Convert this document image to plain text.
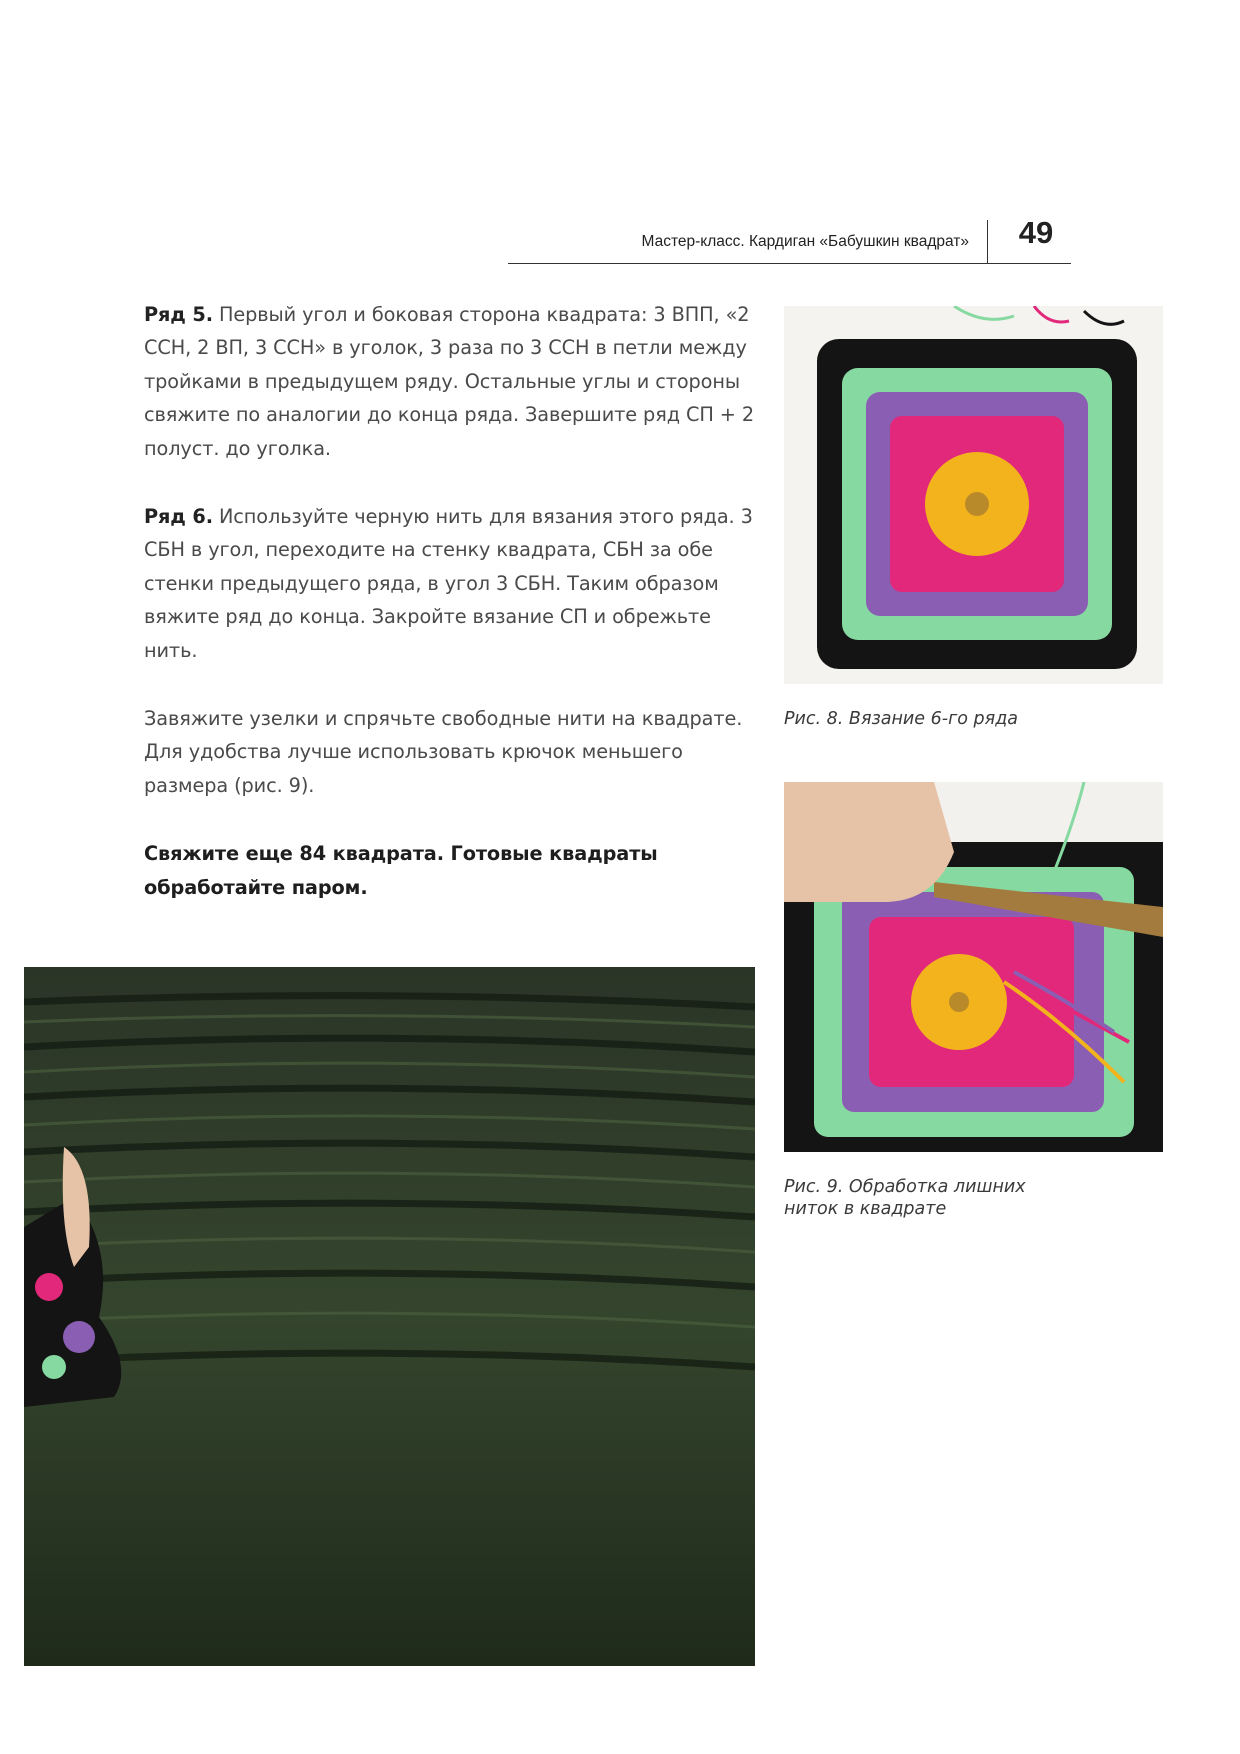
Мастер-класс. Кардиган «Бабушкин квадрат»	49

Ряд 5. Первый угол и боковая сторона квадрата: 3 ВПП, «2 ССН, 2 ВП, 3 ССН» в уголок, 3 раза по 3 ССН в петли между тройками в предыдущем ряду. Остальные углы и стороны свяжите по аналогии до конца ряда. Завершите ряд СП + 2 полуст. до уголка.

Ряд 6. Используйте черную нить для вязания этого ряда. 3 СБН в угол, переходите на стенку квадрата, СБН за обе стенки предыдущего ряда, в угол 3 СБН. Таким образом вяжите ряд до конца. Закройте вязание СП и обрежьте нить.

Завяжите узелки и спрячьте свободные нити на квадрате. Для удобства лучше использовать крючок меньшего размера (рис. 9).

Свяжите еще 84 квадрата. Готовые квадраты обработайте паром.

Рис. 8. Вязание 6-го ряда
Рис. 9. Обработка лишних
ниток в квадрате
